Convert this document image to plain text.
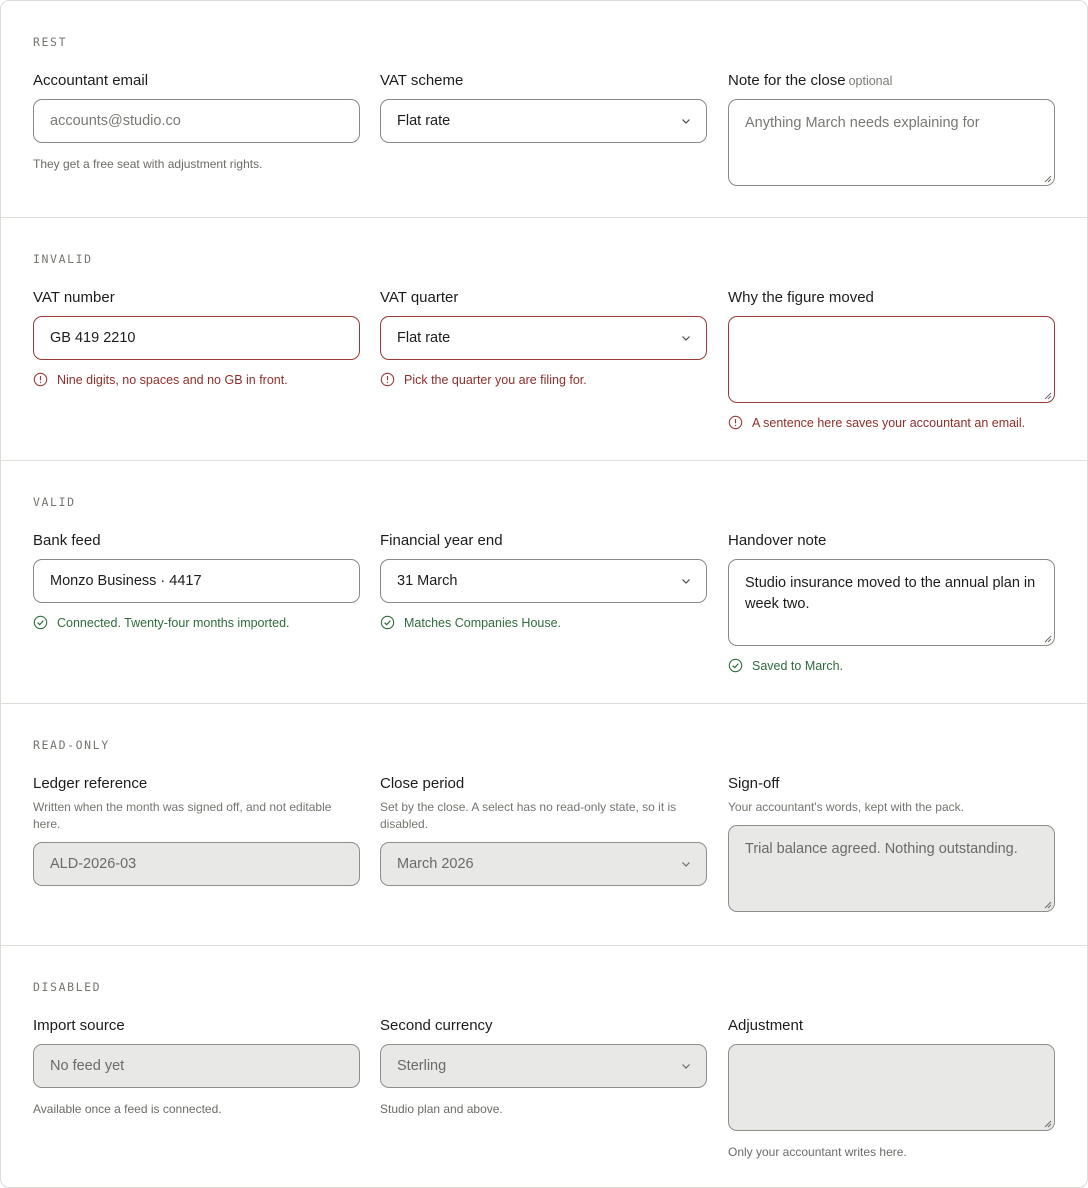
REST
Accountant email
accounts@studio.co
They get a free seat with adjustment rights.
VAT scheme
Flat rate
Note for the close optional
Anything March needs explaining for
INVALID
VAT number
GB 419 2210
Nine digits, no spaces and no GB in front.
VAT quarter
Flat rate
Pick the quarter you are filing for.
Why the figure moved
A sentence here saves your accountant an email.
VALID
Bank feed
Monzo Business · 4417
Connected. Twenty-four months imported.
Financial year end
31 March
Matches Companies House.
Handover note
Studio insurance moved to the annual plan in week two.
Saved to March.
READ-ONLY
Ledger reference
Written when the month was signed off, and not editable here.
ALD-2026-03
Close period
Set by the close. A select has no read-only state, so it is disabled.
March 2026
Sign-off
Your accountant's words, kept with the pack.
Trial balance agreed. Nothing outstanding.
DISABLED
Import source
No feed yet
Available once a feed is connected.
Second currency
Sterling
Studio plan and above.
Adjustment
Only your accountant writes here.
